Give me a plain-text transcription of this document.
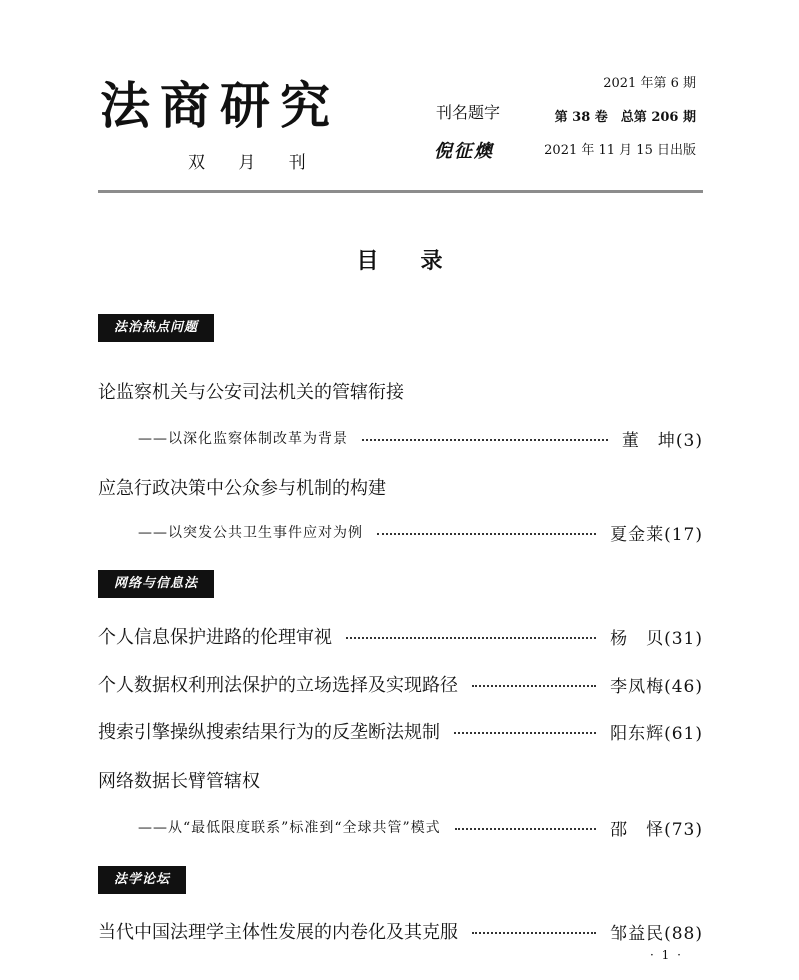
法商研究
双 月 刊
刊名题字
倪征燠
2021 年第 6 期
第 38 卷　总第 206 期
2021 年 11 月 15 日出版
目录
法治热点问题
论监察机关与公安司法机关的管辖衔接
——以深化监察体制改革为背景	董　坤(3)
应急行政决策中公众参与机制的构建
——以突发公共卫生事件应对为例	夏金莱(17)
网络与信息法
个人信息保护进路的伦理审视	杨　贝(31)
个人数据权利刑法保护的立场选择及实现路径	李凤梅(46)
搜索引擎操纵搜索结果行为的反垄断法规制	阳东辉(61)
网络数据长臂管辖权
——从“最低限度联系”标准到“全球共管”模式	邵　怿(73)
法学论坛
当代中国法理学主体性发展的内卷化及其克服	邹益民(88)
· 1 ·
